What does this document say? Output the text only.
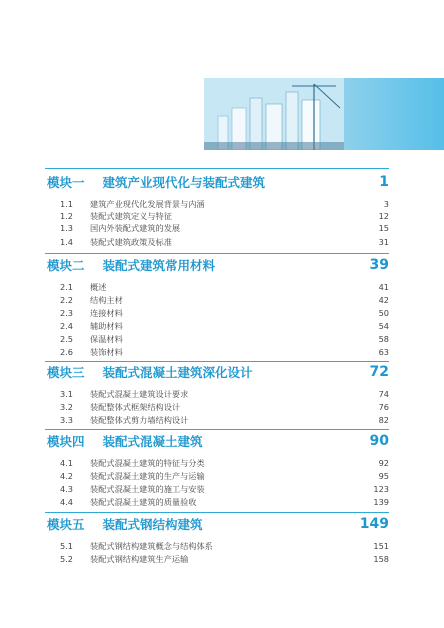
模块一 建筑产业现代化与装配式建筑	1
1.1	建筑产业现代化发展背景与内涵	3
1.2	装配式建筑定义与特征	12
1.3	国内外装配式建筑的发展	15
1.4	装配式建筑政策及标准	31
模块二 装配式建筑常用材料	39
2.1	概述	41
2.2	结构主材	42
2.3	连接材料	50
2.4	辅助材料	54
2.5	保温材料	58
2.6	装饰材料	63
模块三 装配式混凝土建筑深化设计	72
3.1	装配式混凝土建筑设计要求	74
3.2	装配整体式框架结构设计	76
3.3	装配整体式剪力墙结构设计	82
模块四 装配式混凝土建筑	90
4.1	装配式混凝土建筑的特征与分类	92
4.2	装配式混凝土建筑的生产与运输	95
4.3	装配式混凝土建筑的施工与安装	123
4.4	装配式混凝土建筑的质量验收	139
模块五 装配式钢结构建筑	149
5.1	装配式钢结构建筑概念与结构体系	151
5.2	装配式钢结构建筑生产运输	158
